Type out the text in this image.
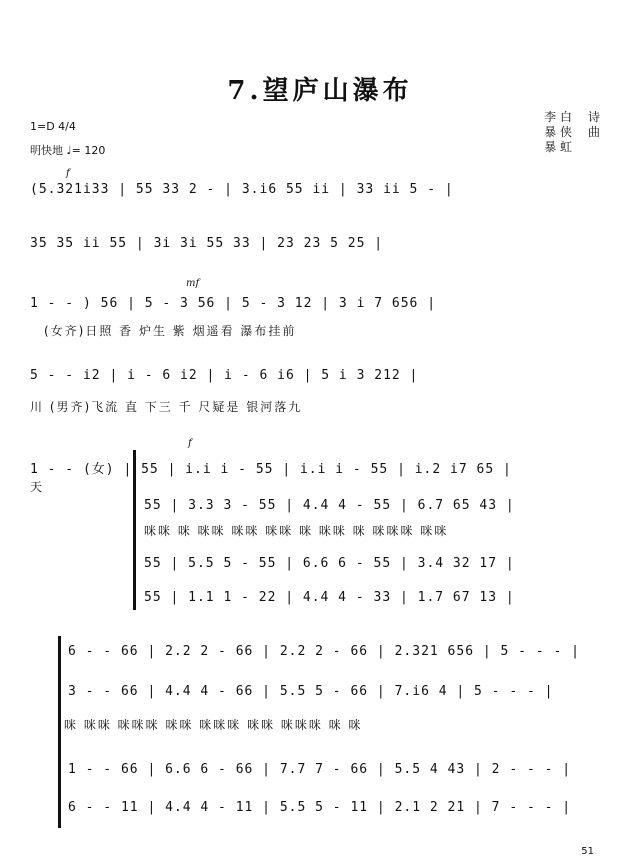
7.望庐山瀑布
李 白 诗
暴 侠 曲
暴 虹
1=D 4/4
明快地 ♩= 120
f
mf
f
(5.321i33 | 55 33 2 - | 3.i6 55 ii | 33 ii 5 - |
35 35 ii 55 | 3i 3i 55 33 | 23 23 5 25 |
1 - - ) 56 | 5 - 3 56 | 5 - 3 12 | 3 i 7 656 |
(女齐)日照 香 炉生 紫 烟遥看 瀑布挂前
5 - - i2 | i - 6 i2 | i - 6 i6 | 5 i 3 212 |
川 (男齐)飞流 直 下三 千 尺疑是 银河落九
1 - - (女) | 55 | i.i i - 55 | i.i i - 55 | i.2 i7 65 |
天
55 | 3.3 3 - 55 | 4.4 4 - 55 | 6.7 65 43 |
咪咪 咪 咪咪 咪咪 咪咪 咪 咪咪 咪 咪咪咪 咪咪
55 | 5.5 5 - 55 | 6.6 6 - 55 | 3.4 32 17 |
55 | 1.1 1 - 22 | 4.4 4 - 33 | 1.7 67 13 |
6 - - 66 | 2.2 2 - 66 | 2.2 2 - 66 | 2.321 656 | 5 - - - |
3 - - 66 | 4.4 4 - 66 | 5.5 5 - 66 | 7.i6 4 | 5 - - - |
咪 咪咪 咪咪咪 咪咪 咪咪咪 咪咪 咪咪咪 咪 咪
1 - - 66 | 6.6 6 - 66 | 7.7 7 - 66 | 5.5 4 43 | 2 - - - |
6 - - 11 | 4.4 4 - 11 | 5.5 5 - 11 | 2.1 2 21 | 7 - - - |
51
